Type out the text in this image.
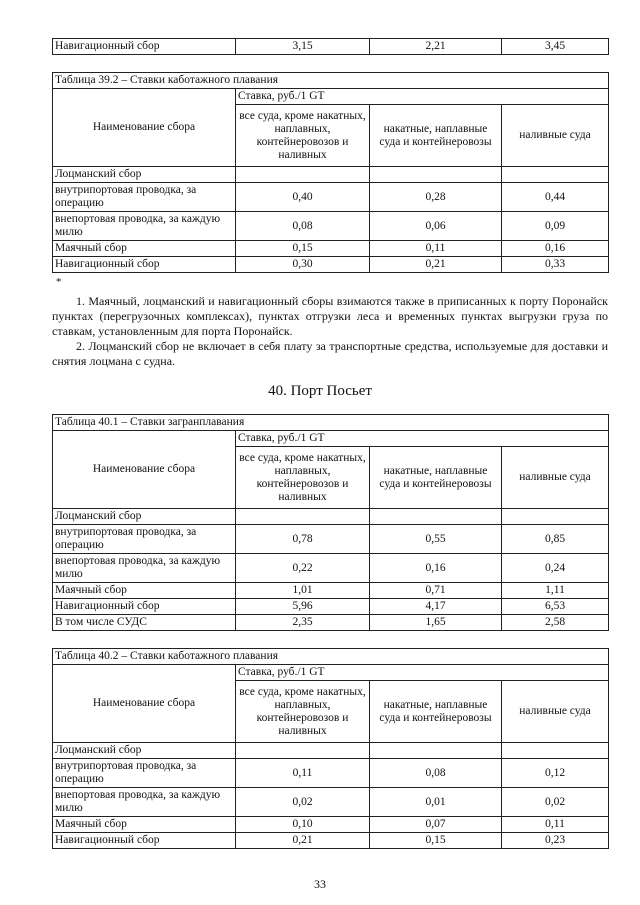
Навигационный сбор	3,15	2,21	3,45
Таблица 39.2 – Ставки каботажного плавания			
Наименование сбора	Ставка, руб./1 GT		
	все суда, кроме накатных, наплавных, контейнеровозов и наливных	накатные, наплавные суда и контейнеровозы	наливные суда
Лоцманский сбор			
внутрипортовая проводка, за операцию	0,40	0,28	0,44
внепортовая проводка, за каждую милю	0,08	0,06	0,09
Маячный сбор	0,15	0,11	0,16
Навигационный сбор	0,30	0,21	0,33
*
1. Маячный, лоцманский и навигационный сборы взимаются также в приписанных к порту Поронайск пунктах (перегрузочных комплексах), пунктах отгрузки леса и временных пунктах выгрузки груза по ставкам, установленным для порта Поронайск.
2. Лоцманский сбор не включает в себя плату за транспортные средства, используемые для доставки и снятия лоцмана с судна.
40. Порт Посьет
Таблица 40.1 – Ставки загранплавания			
Наименование сбора	Ставка, руб./1 GT		
	все суда, кроме накатных, наплавных, контейнеровозов и наливных	накатные, наплавные суда и контейнеровозы	наливные суда
Лоцманский сбор			
внутрипортовая проводка, за операцию	0,78	0,55	0,85
внепортовая проводка, за каждую милю	0,22	0,16	0,24
Маячный сбор	1,01	0,71	1,11
Навигационный сбор	5,96	4,17	6,53
В том числе СУДС	2,35	1,65	2,58
Таблица 40.2 – Ставки каботажного плавания			
Наименование сбора	Ставка, руб./1 GT		
	все суда, кроме накатных, наплавных, контейнеровозов и наливных	накатные, наплавные суда и контейнеровозы	наливные суда
Лоцманский сбор			
внутрипортовая проводка, за операцию	0,11	0,08	0,12
внепортовая проводка, за каждую милю	0,02	0,01	0,02
Маячный сбор	0,10	0,07	0,11
Навигационный сбор	0,21	0,15	0,23
33
